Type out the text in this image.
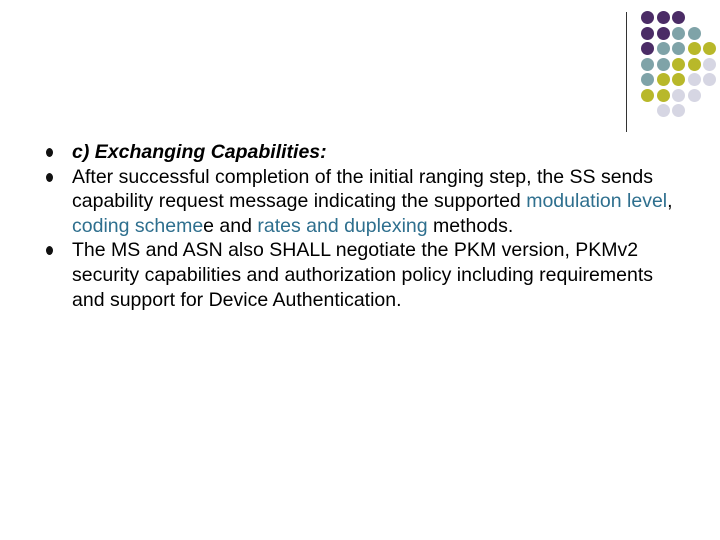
c) Exchanging Capabilities:
After successful completion of the initial ranging step, the SS sends capability request message indicating the supported modulation level, coding schemee and rates and duplexing methods.
The MS and ASN also SHALL negotiate the PKM version, PKMv2 security capabilities and authorization policy including requirements and support for Device Authentication.
